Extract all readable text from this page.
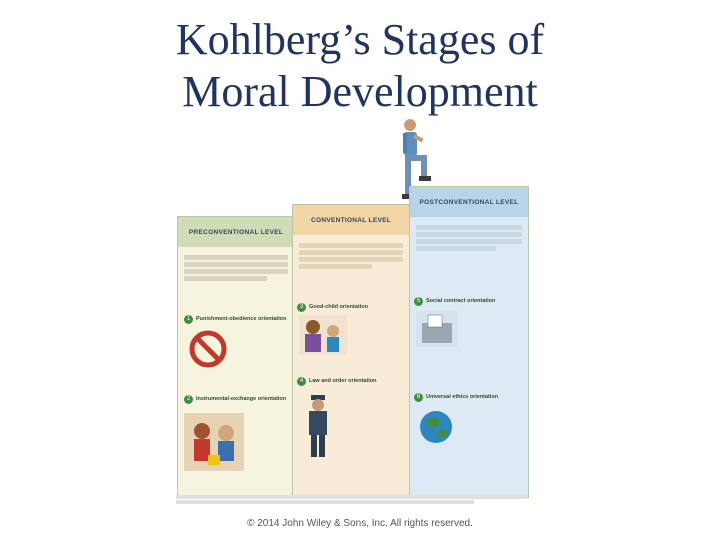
Kohlberg’s Stages of
Moral Development
PRECONVENTIONAL LEVEL
1	Punishment-obedience orientation
2	Instrumental-exchange orientation
CONVENTIONAL LEVEL
3	Good-child orientation
4	Law and order orientation
POSTCONVENTIONAL LEVEL
5	Social contract orientation
6	Universal ethics orientation
© 2014 John Wiley & Sons, Inc. All rights reserved.
